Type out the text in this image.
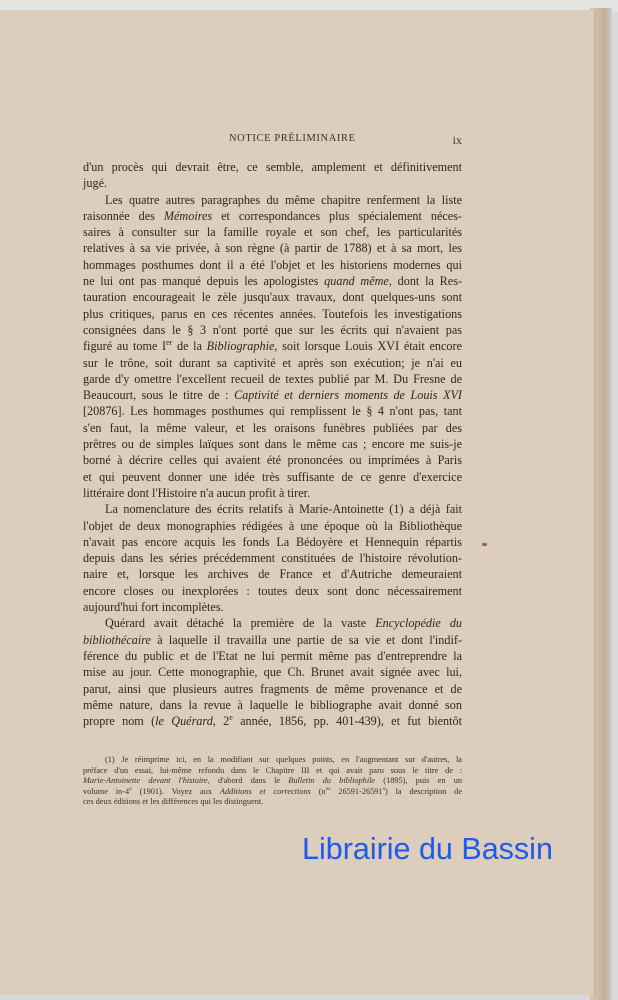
NOTICE PRÉLIMINAIRE	ix
d'un procès qui devrait être, ce semble, amplement et définitivement
jugé.
Les quatre autres paragraphes du même chapitre renferment la liste
raisonnée des Mémoires et correspondances plus spécialement néces-
saires à consulter sur la famille royale et son chef, les particularités
relatives à sa vie privée, à son règne (à partir de 1788) et à sa mort, les
hommages posthumes dont il a été l'objet et les historiens modernes qui
ne lui ont pas manqué depuis les apologistes quand même, dont la Res-
tauration encourageait le zèle jusqu'aux travaux, dont quelques-uns sont
plus critiques, parus en ces récentes années. Toutefois les investigations
consignées dans le § 3 n'ont porté que sur les écrits qui n'avaient pas
figuré au tome Ier de la Bibliographie, soit lorsque Louis XVI était encore
sur le trône, soit durant sa captivité et après son exécution; je n'ai eu
garde d'y omettre l'excellent recueil de textes publié par M. Du Fresne de
Beaucourt, sous le titre de : Captivité et derniers moments de Louis XVI
[20876]. Les hommages posthumes qui remplissent le § 4 n'ont pas, tant
s'en faut, la même valeur, et les oraisons funèbres publiées par des
prêtres ou de simples laïques sont dans le même cas ; encore me suis-je
borné à décrire celles qui avaient été prononcées ou imprimées à Paris
et qui peuvent donner une idée très suffisante de ce genre d'exercice
littéraire dont l'Histoire n'a aucun profit à tirer.
La nomenclature des écrits relatifs à Marie-Antoinette (1) a déjà fait
l'objet de deux monographies rédigées à une époque où la Bibliothèque
n'avait pas encore acquis les fonds La Bédoyère et Hennequin répartis
depuis dans les séries précédemment constituées de l'histoire révolution-
naire et, lorsque les archives de France et d'Autriche demeuraient
encore closes ou inexplorées : toutes deux sont donc nécessairement
aujourd'hui fort incomplètes.
Quérard avait détaché la première de la vaste Encyclopédie du
bibliothécaire à laquelle il travailla une partie de sa vie et dont l'indif-
férence du public et de l'Etat ne lui permit même pas d'entreprendre la
mise au jour. Cette monographie, que Ch. Brunet avait signée avec lui,
parut, ainsi que plusieurs autres fragments de même provenance et de
même nature, dans la revue à laquelle le bibliographe avait donné son
propre nom (le Quérard, 2e année, 1856, pp. 401-439), et fut bientôt
(1) Je réimprime ici, en la modifiant sur quelques points, en l'augmentant sur d'autres, la
préface d'un essai, lui-même refondu dans le Chapitre III et qui avait paru sous le titre de :
Marie-Antoinette devant l'histoire, d'abord dans le Bulletin du bibliophile (1895), puis en un
volume in-4$^o$ (1901). Voyez aux Additions et corrections ($n^{os}$ 26591-26591$^a$) la description de
ces deux éditions et les différences qui les distinguent.
Librairie du Bassin
